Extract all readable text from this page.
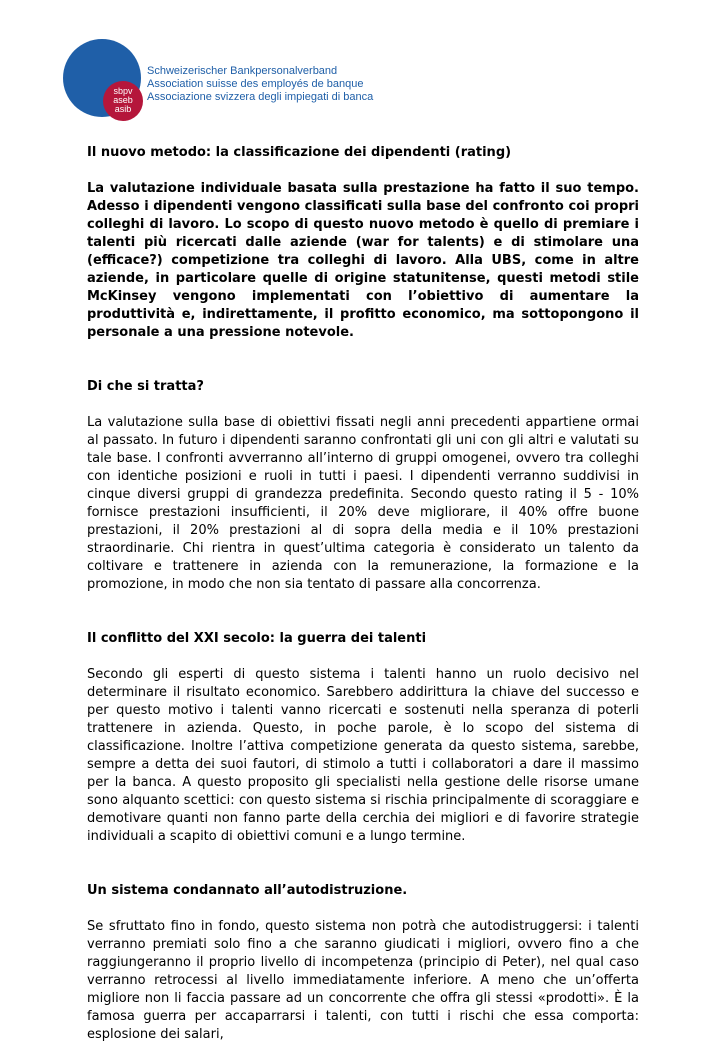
sbpv
aseb
asib
Schweizerischer Bankpersonalverband
Association suisse des employés de banque
Associazione svizzera degli impiegati di banca

Il nuovo metodo: la classificazione dei dipendenti (rating)

La valutazione individuale basata sulla prestazione ha fatto il suo tempo. Adesso i dipendenti vengono classificati sulla base del confronto coi propri colleghi di lavoro. Lo scopo di questo nuovo metodo è quello di premiare i talenti più ricercati dalle aziende (war for talents) e di stimolare una (efficace?) competizione tra colleghi di lavoro. Alla UBS, come in altre aziende, in particolare quelle di origine statunitense, questi metodi stile McKinsey vengono implementati con l’obiettivo di aumentare la produttività e, indirettamente, il profitto economico, ma sottopongono il personale a una pressione notevole.

Di che si tratta?

La valutazione sulla base di obiettivi fissati negli anni precedenti appartiene ormai al passato. In futuro i dipendenti saranno confrontati gli uni con gli altri e valutati su tale base. I confronti avverranno all’interno di gruppi omogenei, ovvero tra colleghi con identiche posizioni e ruoli in tutti i paesi. I dipendenti verranno suddivisi in cinque diversi gruppi di grandezza predefinita. Secondo questo rating il 5 - 10% fornisce prestazioni insufficienti, il 20% deve migliorare, il 40% offre buone prestazioni, il 20% prestazioni al di sopra della media e il 10% prestazioni straordinarie. Chi rientra in quest’ultima categoria è considerato un talento da coltivare e trattenere in azienda con la remunerazione, la formazione e la promozione, in modo che non sia tentato di passare alla concorrenza.

Il conflitto del XXI secolo: la guerra dei talenti

Secondo gli esperti di questo sistema i talenti hanno un ruolo decisivo nel determinare il risultato economico. Sarebbero addirittura la chiave del successo e per questo motivo i talenti vanno ricercati e sostenuti nella speranza di poterli trattenere in azienda. Questo, in poche parole, è lo scopo del sistema di classificazione. Inoltre l’attiva competizione generata da questo sistema, sarebbe, sempre a detta dei suoi fautori, di stimolo a tutti i collaboratori a dare il massimo per la banca. A questo proposito gli specialisti nella gestione delle risorse umane sono alquanto scettici: con questo sistema si rischia principalmente di scoraggiare e demotivare quanti non fanno parte della cerchia dei migliori e di favorire strategie individuali a scapito di obiettivi comuni e a lungo termine.

Un sistema condannato all’autodistruzione.

Se sfruttato fino in fondo, questo sistema non potrà che autodistruggersi: i talenti verranno premiati solo fino a che saranno giudicati i migliori, ovvero fino a che raggiungeranno il proprio livello di incompetenza (principio di Peter), nel qual caso verranno retrocessi al livello immediatamente inferiore. A meno che un’offerta migliore non li faccia passare ad un concorrente che offra gli stessi «prodotti». È la famosa guerra per accaparrarsi i talenti, con tutti i rischi che essa comporta: esplosione dei salari,
